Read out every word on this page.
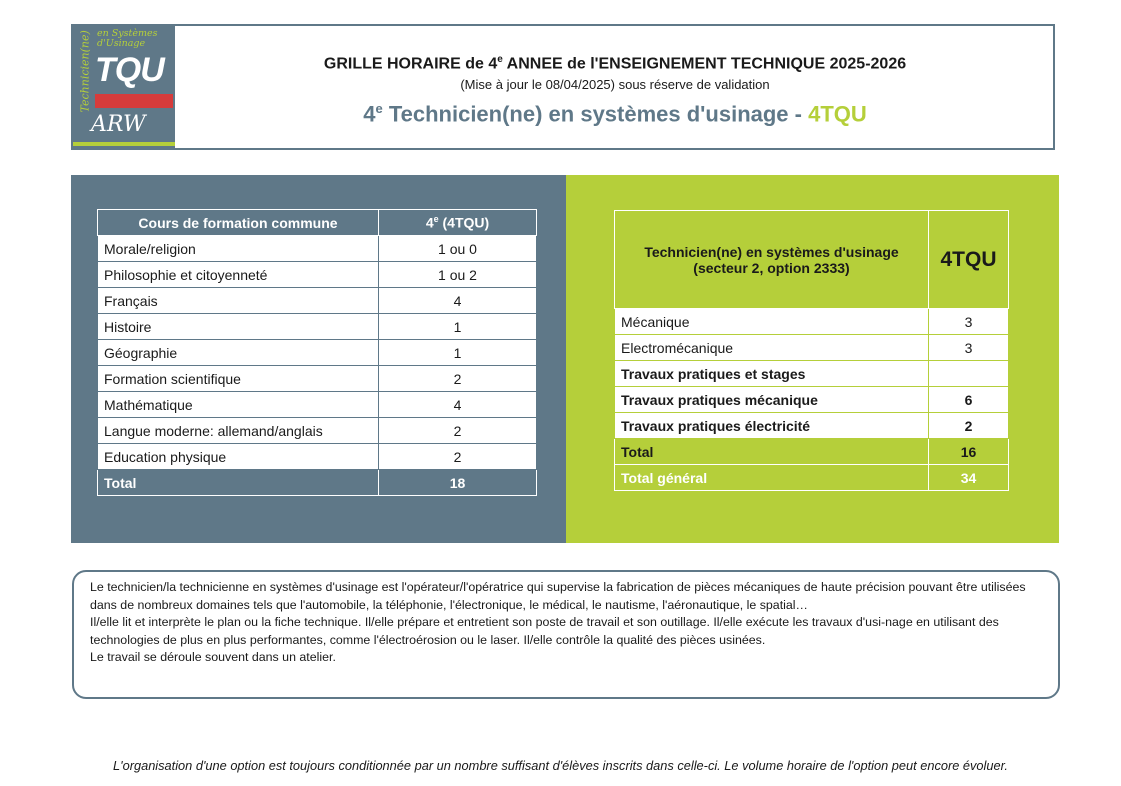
Technicien(ne) en Systèmes
d'Usinage
TQU
ARW
GRILLE HORAIRE de 4e ANNEE de l'ENSEIGNEMENT TECHNIQUE 2025-2026
(Mise à jour le 08/04/2025) sous réserve de validation
4e Technicien(ne) en systèmes d'usinage - 4TQU
Cours de formation commune	4e (4TQU)
Morale/religion	1 ou 0
Philosophie et citoyenneté	1 ou 2
Français	4
Histoire	1
Géographie	1
Formation scientifique	2
Mathématique	4
Langue moderne: allemand/anglais	2
Education physique	2
Total	18
Technicien(ne) en systèmes d'usinage
(secteur 2, option 2333)	4TQU
Mécanique	3
Electromécanique	3
Travaux pratiques et stages	
Travaux pratiques mécanique	6
Travaux pratiques électricité	2
Total	16
Total général	34

Le technicien/la technicienne en systèmes d'usinage est l'opérateur/l'opératrice qui supervise la fabrication de pièces mécaniques de haute précision pouvant être utilisées dans de nombreux domaines tels que l'automobile, la téléphonie, l'électronique, le médical, le nautisme, l'aéronautique, le spatial…

Il/elle lit et interprète le plan ou la fiche technique. Il/elle prépare et entretient son poste de travail et son outillage. Il/elle exécute les travaux d'usi-nage en utilisant des technologies de plus en plus performantes, comme l'électroérosion ou le laser. Il/elle contrôle la qualité des pièces usinées.

Le travail se déroule souvent dans un atelier.

L'organisation d'une option est toujours conditionnée par un nombre suffisant d'élèves inscrits dans celle-ci. Le volume horaire de l'option peut encore évoluer.
